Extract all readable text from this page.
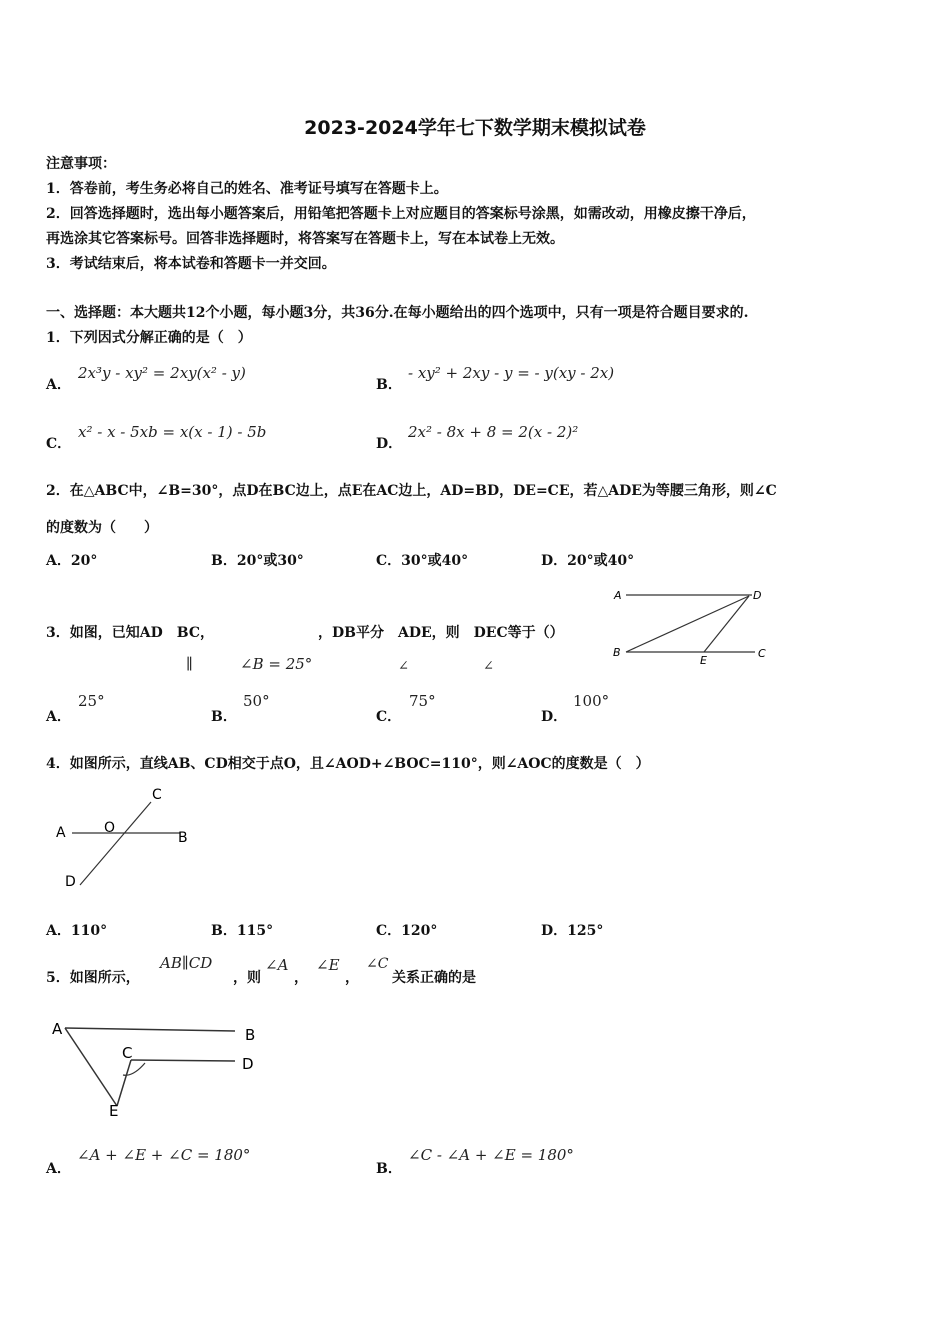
2023-2024学年七下数学期末模拟试卷
注意事项：
1．答卷前，考生务必将自己的姓名、准考证号填写在答题卡上。
2．回答选择题时，选出每小题答案后，用铅笔把答题卡上对应题目的答案标号涂黑，如需改动，用橡皮擦干净后，
再选涂其它答案标号。回答非选择题时，将答案写在答题卡上，写在本试卷上无效。
3．考试结束后，将本试卷和答题卡一并交回。
一、选择题：本大题共12个小题，每小题3分，共36分.在每小题给出的四个选项中，只有一项是符合题目要求的.
1．下列因式分解正确的是（　）
A．
2x³y - xy² = 2xy(x² - y)
B．
- xy² + 2xy - y = - y(xy - 2x)
C．
x² - x - 5xb = x(x - 1) - 5b
D．
2x² - 8x + 8 = 2(x - 2)²
2．在△ABC中，∠B=30°，点D在BC边上，点E在AC边上，AD=BD，DE=CE，若△ADE为等腰三角形，则∠C
的度数为（　　）
A．20°	B．20°或30°	C．30°或40°	D．20°或40°
3．如图，已知AD　BC，	，DB平分　ADE，则　DEC等于（）
∥	∠B = 25°	∠	∠
A	D
B
E
C
A．
25°
B．
50°
C．
75°
D．
100°
4．如图所示，直线AB、CD相交于点O，且∠AOD+∠BOC=110°，则∠AOC的度数是（　）
A	O
B
C
D
A．110°	B．115°	C．120°	D．125°
5．如图所示，
AB∥CD
，则
∠A
，
∠E
，
∠C
关系正确的是
A	B
C
D
E
A．
∠A + ∠E + ∠C = 180°
B．
∠C - ∠A + ∠E = 180°
